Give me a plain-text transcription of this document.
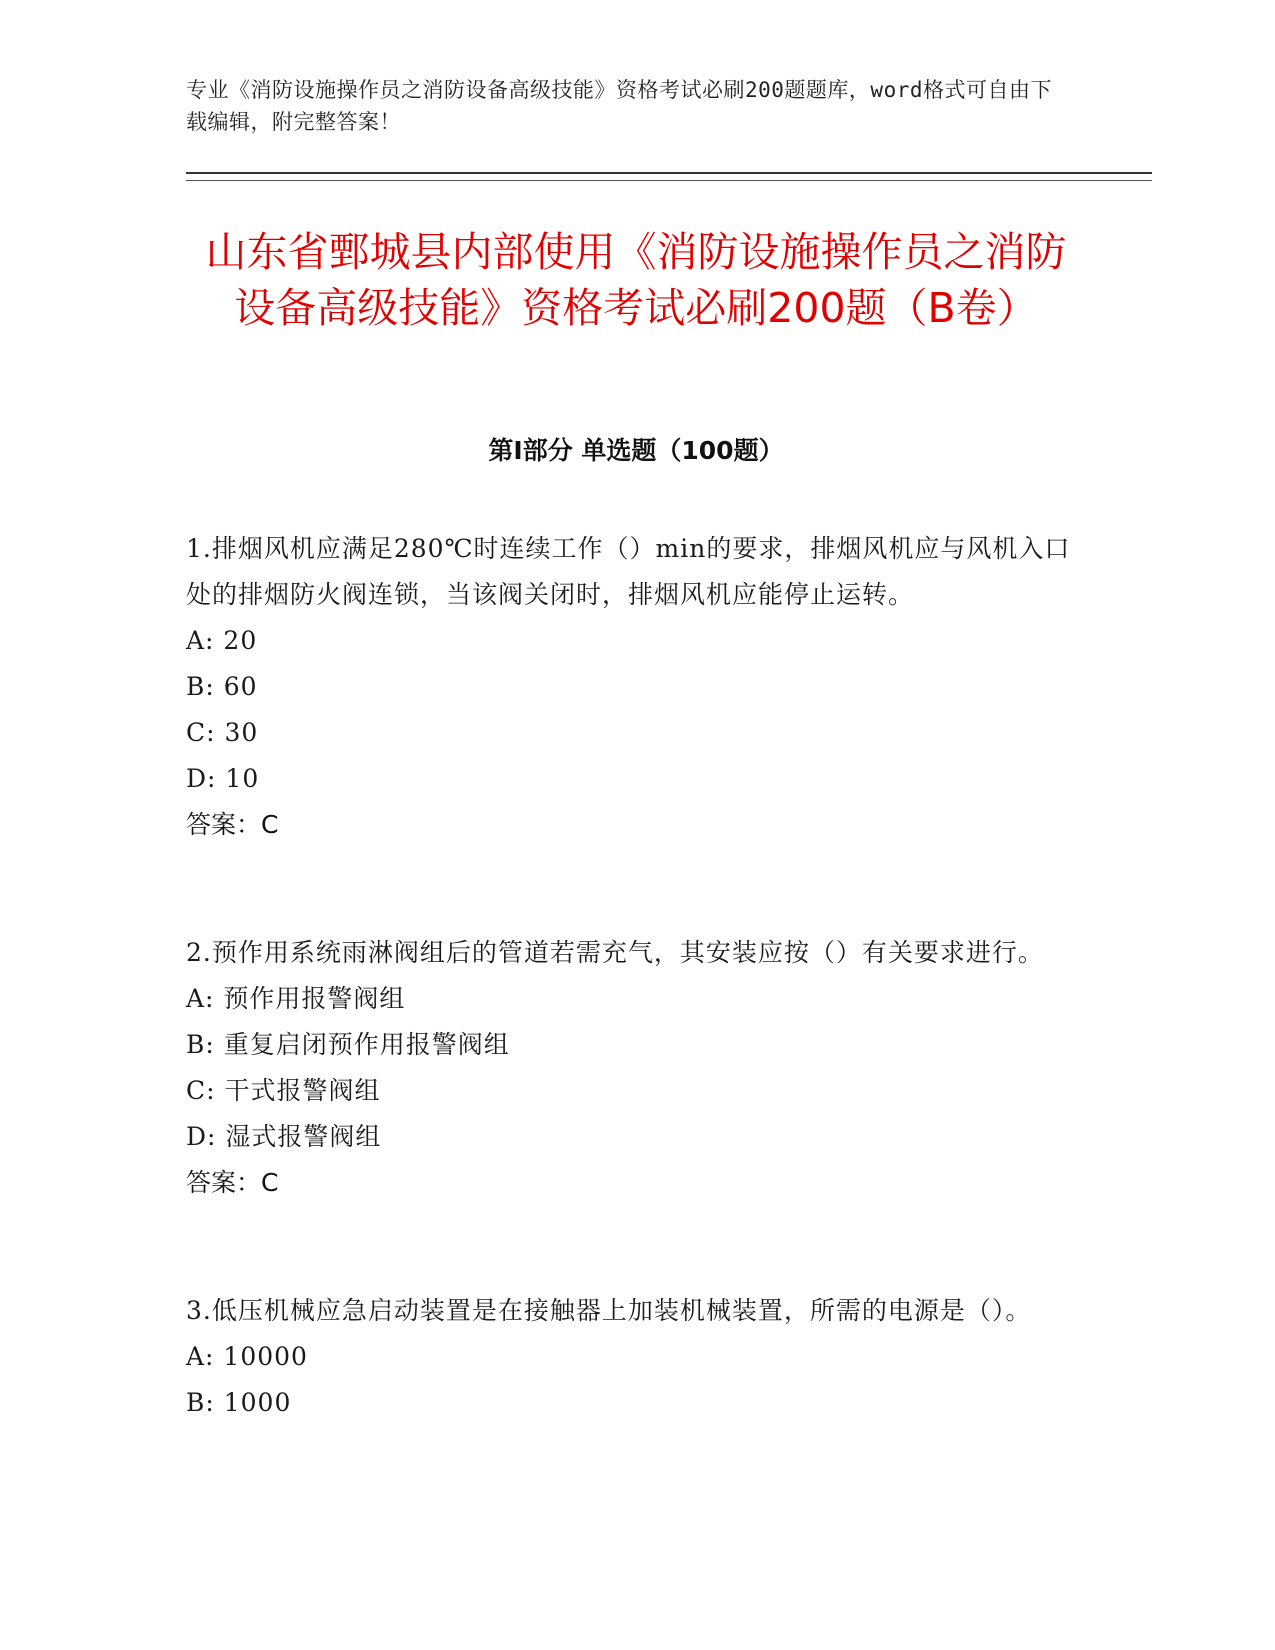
专业《消防设施操作员之消防设备高级技能》资格考试必刷200题题库，word格式可自由下载编辑，附完整答案！
山东省鄄城县内部使用《消防设施操作员之消防设备高级技能》资格考试必刷200题（B卷）
第Ⅰ部分 单选题（100题）

1.排烟风机应满足280℃时连续工作（）min的要求，排烟风机应与风机入口处的排烟防火阀连锁，当该阀关闭时，排烟风机应能停止运转。

A: 20

B: 60

C: 30

D: 10

答案：C

2.预作用系统雨淋阀组后的管道若需充气，其安装应按（）有关要求进行。

A: 预作用报警阀组

B: 重复启闭预作用报警阀组

C: 干式报警阀组

D: 湿式报警阀组

答案：C

3.低压机械应急启动装置是在接触器上加装机械装置，所需的电源是（）。

A: 10000

B: 1000
